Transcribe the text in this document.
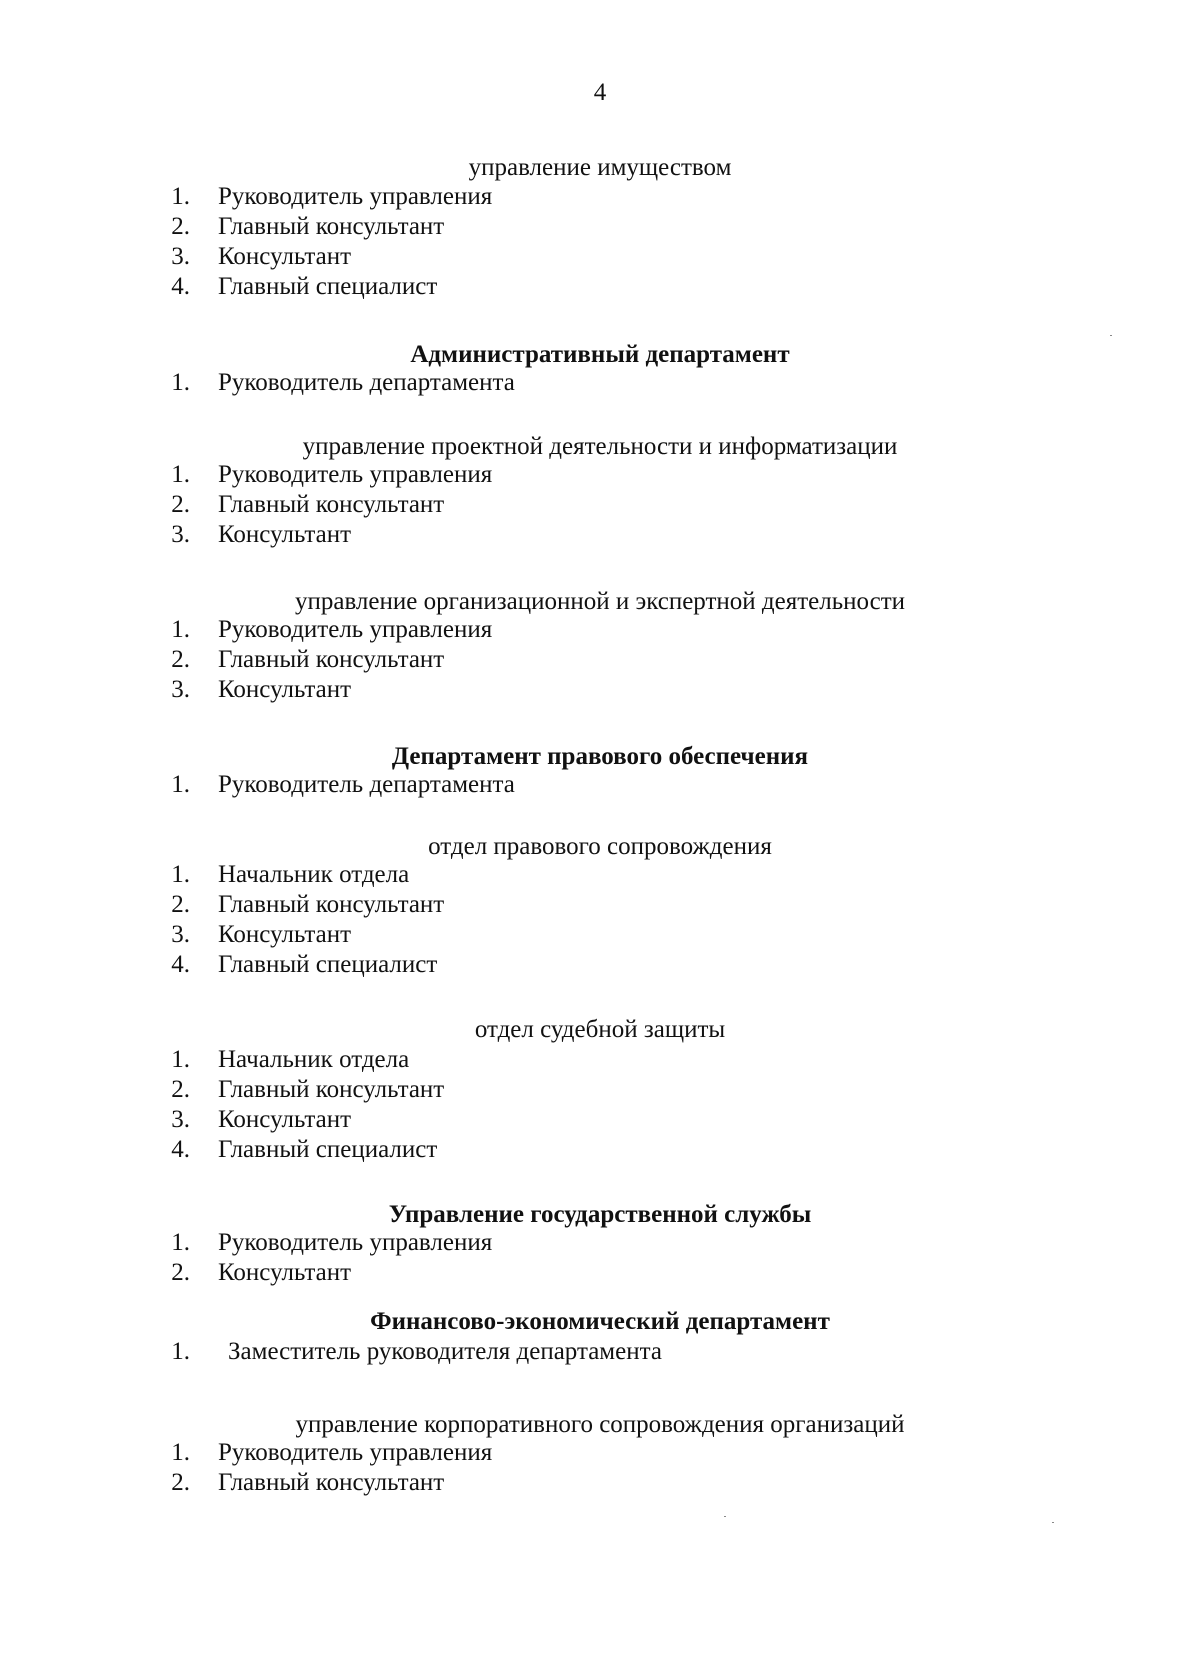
4
управление имуществом
1. Руководитель управления
2. Главный консультант
3. Консультант
4. Главный специалист
Административный департамент
1. Руководитель департамента
управление проектной деятельности и информатизации
1. Руководитель управления
2. Главный консультант
3. Консультант
управление организационной и экспертной деятельности
1. Руководитель управления
2. Главный консультант
3. Консультант
Департамент правового обеспечения
1. Руководитель департамента
отдел правового сопровождения
1. Начальник отдела
2. Главный консультант
3. Консультант
4. Главный специалист
отдел судебной защиты
1. Начальник отдела
2. Главный консультант
3. Консультант
4. Главный специалист
Управление государственной службы
1. Руководитель управления
2. Консультант
Финансово-экономический департамент
1. Заместитель руководителя департамента
управление корпоративного сопровождения организаций
1. Руководитель управления
2. Главный консультант
